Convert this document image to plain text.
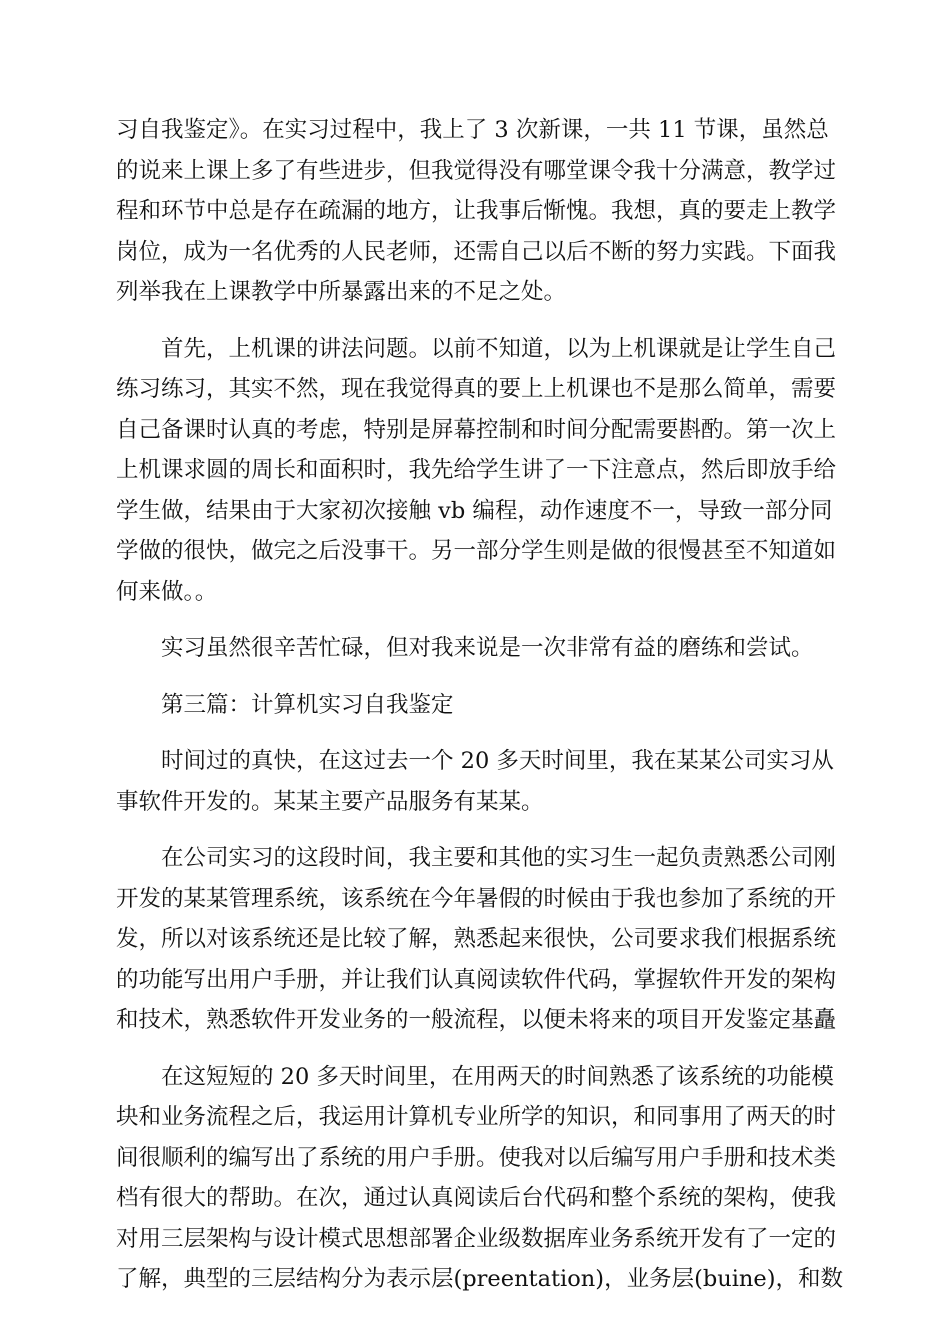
习自我鉴定》。在实习过程中，我上了 3 次新课，一共 11 节课，虽然总
的说来上课上多了有些进步，但我觉得没有哪堂课令我十分满意，教学过
程和环节中总是存在疏漏的地方，让我事后惭愧。我想，真的要走上教学
岗位，成为一名优秀的人民老师，还需自己以后不断的努力实践。下面我
列举我在上课教学中所暴露出来的不足之处。
首先，上机课的讲法问题。以前不知道，以为上机课就是让学生自己
练习练习，其实不然，现在我觉得真的要上上机课也不是那么简单，需要
自己备课时认真的考虑，特别是屏幕控制和时间分配需要斟酌。第一次上
上机课求圆的周长和面积时，我先给学生讲了一下注意点，然后即放手给
学生做，结果由于大家初次接触 vb 编程，动作速度不一，导致一部分同
学做的很快，做完之后没事干。另一部分学生则是做的很慢甚至不知道如
何来做。。
实习虽然很辛苦忙碌，但对我来说是一次非常有益的磨练和尝试。
第三篇：计算机实习自我鉴定
时间过的真快，在这过去一个 20 多天时间里，我在某某公司实习从
事软件开发的。某某主要产品服务有某某。
在公司实习的这段时间，我主要和其他的实习生一起负责熟悉公司刚
开发的某某管理系统，该系统在今年暑假的时候由于我也参加了系统的开
发，所以对该系统还是比较了解，熟悉起来很快，公司要求我们根据系统
的功能写出用户手册，并让我们认真阅读软件代码，掌握软件开发的架构
和技术，熟悉软件开发业务的一般流程，以便未将来的项目开发鉴定基矗
在这短短的 20 多天时间里，在用两天的时间熟悉了该系统的功能模
块和业务流程之后，我运用计算机专业所学的知识，和同事用了两天的时
间很顺利的编写出了系统的用户手册。使我对以后编写用户手册和技术类
档有很大的帮助。在次，通过认真阅读后台代码和整个系统的架构，使我
对用三层架构与设计模式思想部署企业级数据库业务系统开发有了一定的
了解，典型的三层结构分为表示层(preentation)，业务层(buine)，和数
